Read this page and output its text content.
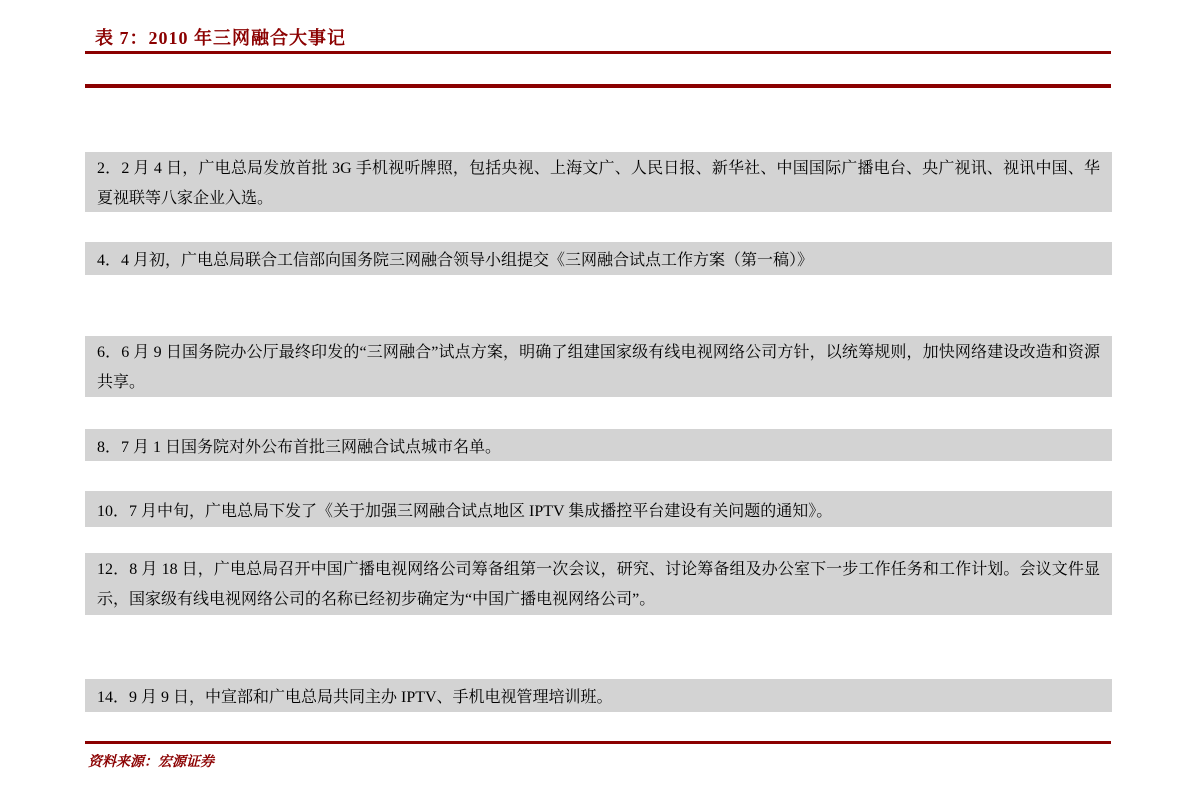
表 7：2010 年三网融合大事记
2．2 月 4 日，广电总局发放首批 3G 手机视听牌照，包括央视、上海文广、人民日报、新华社、中国国际广播电台、央广视讯、视讯中国、华夏视联等八家企业入选。
4．4 月初，广电总局联合工信部向国务院三网融合领导小组提交《三网融合试点工作方案（第一稿）》
6．6 月 9 日国务院办公厅最终印发的“三网融合”试点方案，明确了组建国家级有线电视网络公司方针，以统筹规则，加快网络建设改造和资源共享。
8．7 月 1 日国务院对外公布首批三网融合试点城市名单。
10．7 月中旬，广电总局下发了《关于加强三网融合试点地区 IPTV 集成播控平台建设有关问题的通知》。
12．8 月 18 日，广电总局召开中国广播电视网络公司筹备组第一次会议，研究、讨论筹备组及办公室下一步工作任务和工作计划。会议文件显示，国家级有线电视网络公司的名称已经初步确定为“中国广播电视网络公司”。
14．9 月 9 日，中宣部和广电总局共同主办 IPTV、手机电视管理培训班。
资料来源：宏源证券
